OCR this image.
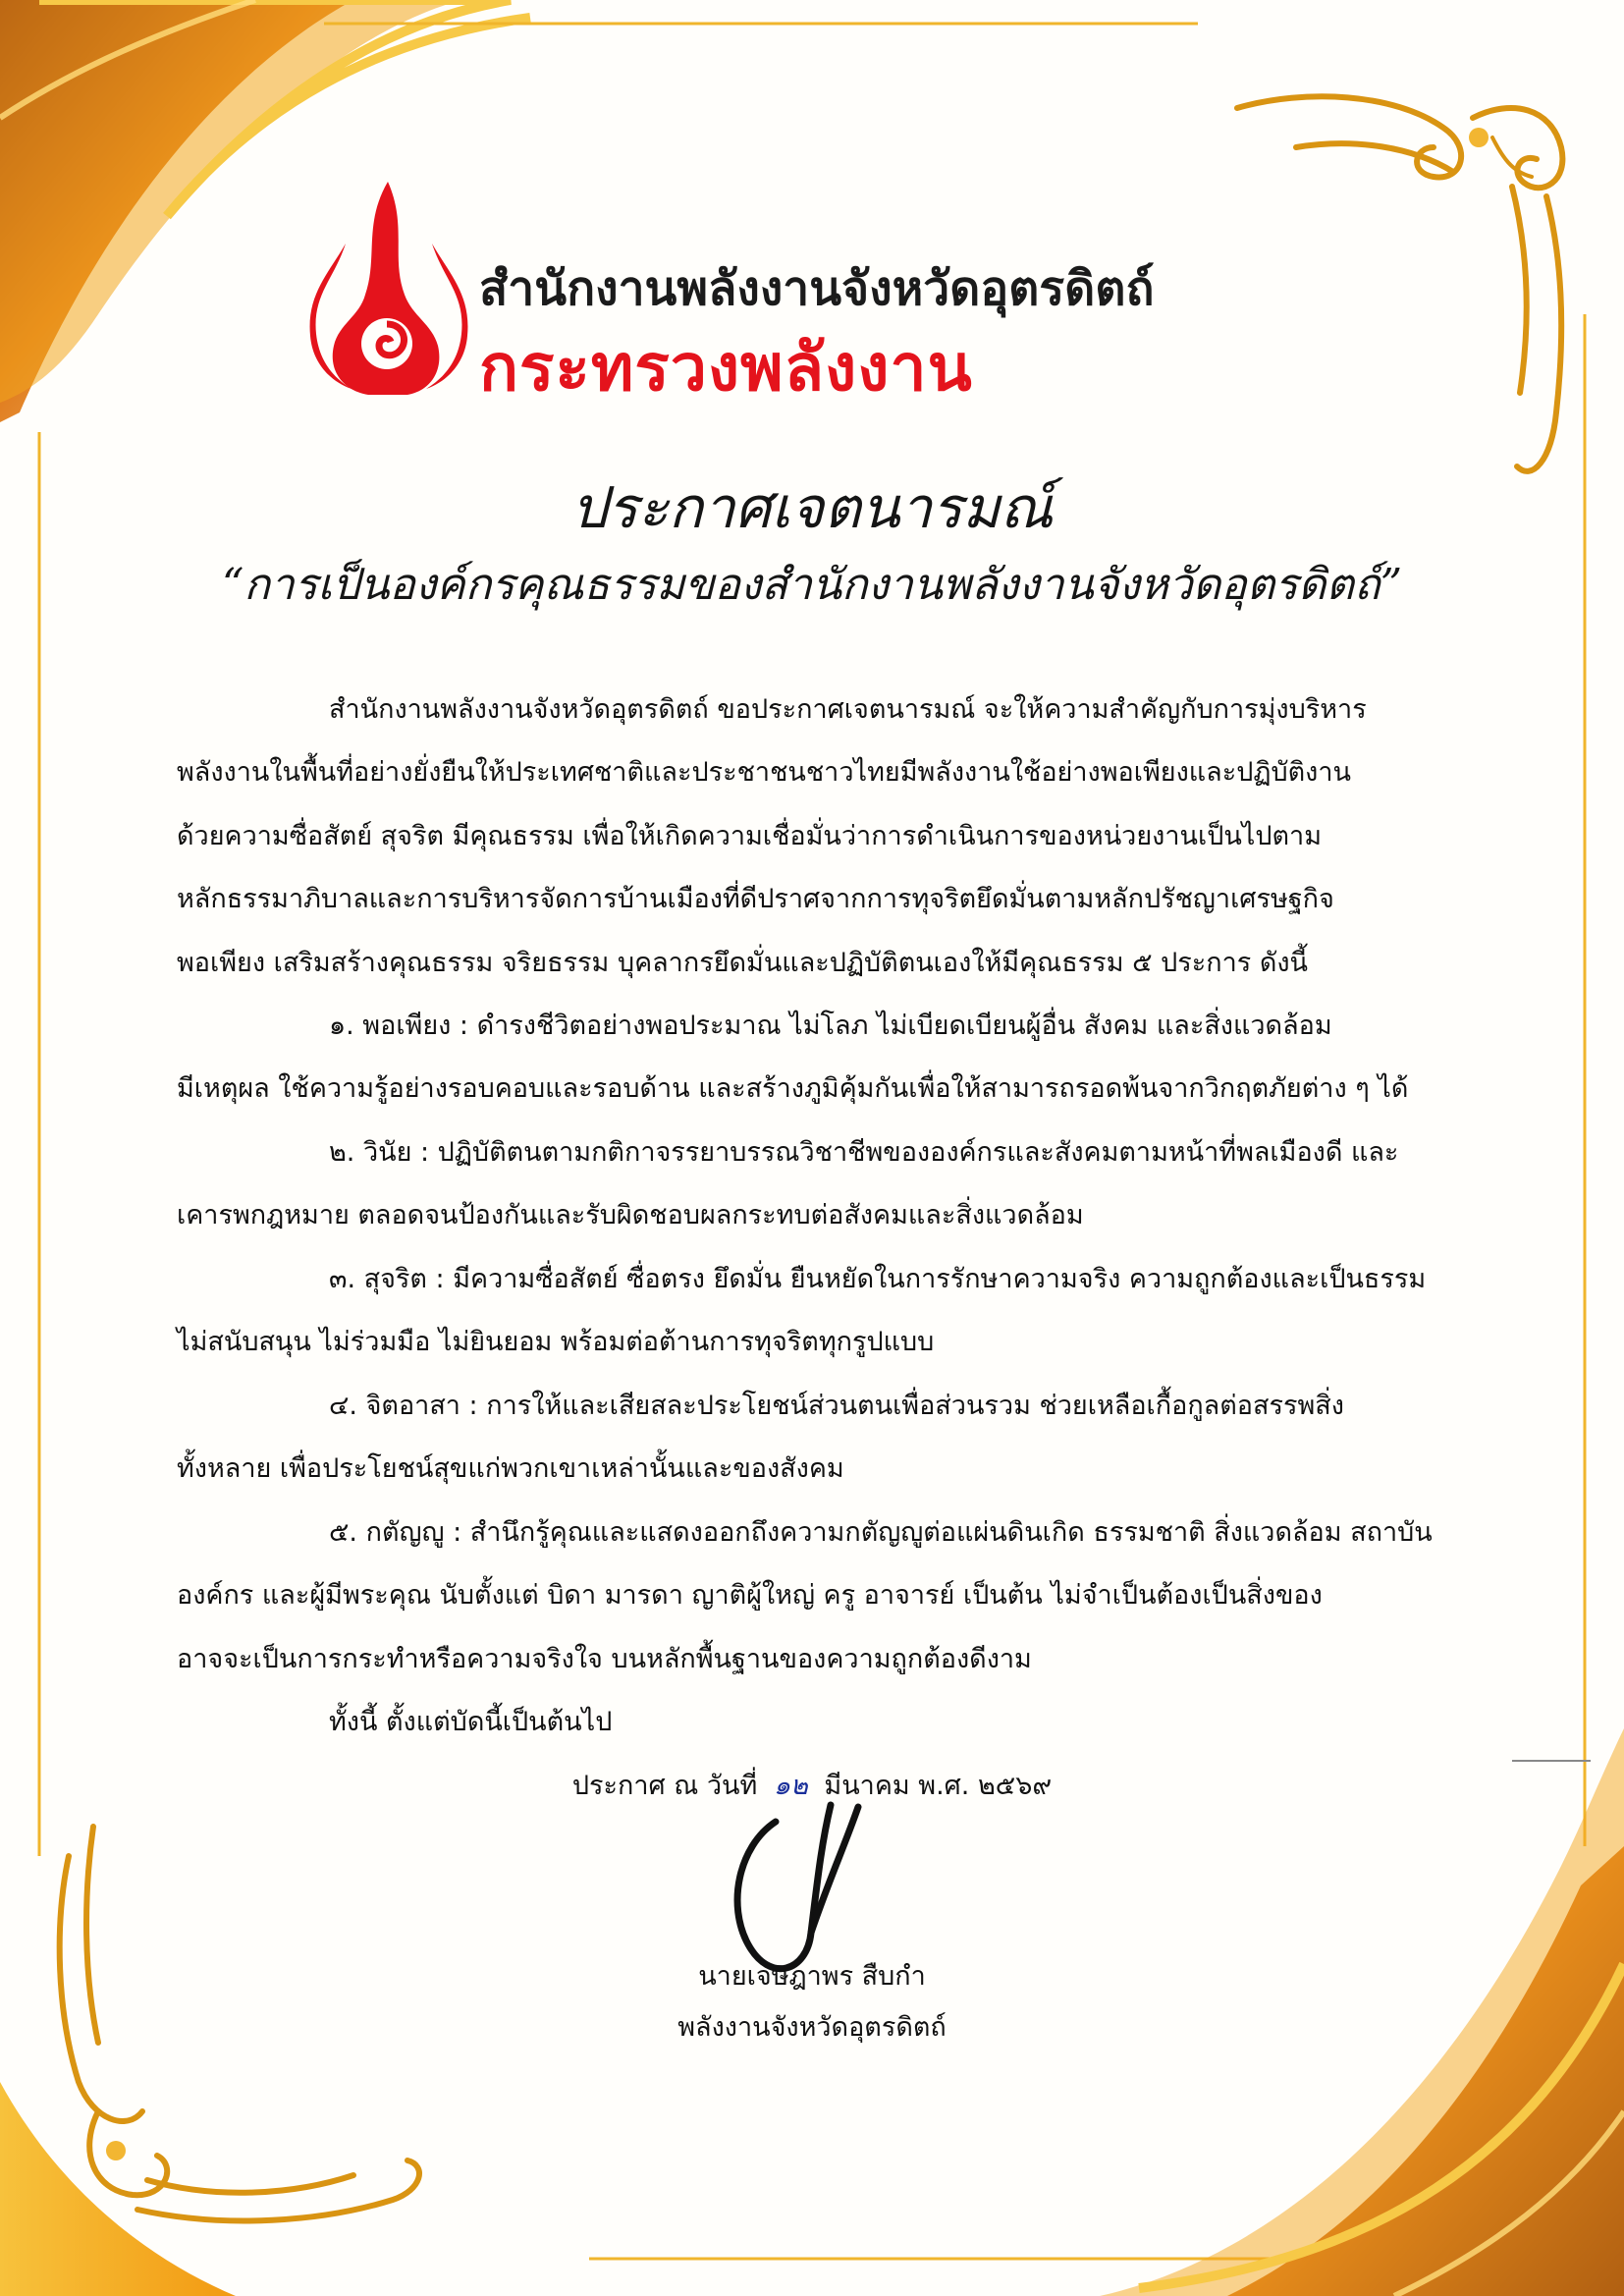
สำนักงานพลังงานจังหวัดอุตรดิตถ์
กระทรวงพลังงาน
ประกาศเจตนารมณ์
“การเป็นองค์กรคุณธรรมของสำนักงานพลังงานจังหวัดอุตรดิตถ์”
สำนักงานพลังงานจังหวัดอุตรดิตถ์ ขอประกาศเจตนารมณ์ จะให้ความสำคัญกับการมุ่งบริหาร
พลังงานในพื้นที่อย่างยั่งยืนให้ประเทศชาติและประชาชนชาวไทยมีพลังงานใช้อย่างพอเพียงและปฏิบัติงาน
ด้วยความซื่อสัตย์ สุจริต มีคุณธรรม เพื่อให้เกิดความเชื่อมั่นว่าการดำเนินการของหน่วยงานเป็นไปตาม
หลักธรรมาภิบาลและการบริหารจัดการบ้านเมืองที่ดีปราศจากการทุจริตยึดมั่นตามหลักปรัชญาเศรษฐกิจ
พอเพียง เสริมสร้างคุณธรรม จริยธรรม บุคลากรยึดมั่นและปฏิบัติตนเองให้มีคุณธรรม ๕ ประการ ดังนี้
๑. พอเพียง : ดำรงชีวิตอย่างพอประมาณ ไม่โลภ ไม่เบียดเบียนผู้อื่น สังคม และสิ่งแวดล้อม
มีเหตุผล ใช้ความรู้อย่างรอบคอบและรอบด้าน และสร้างภูมิคุ้มกันเพื่อให้สามารถรอดพ้นจากวิกฤตภัยต่าง ๆ ได้
๒. วินัย : ปฏิบัติตนตามกติกาจรรยาบรรณวิชาชีพขององค์กรและสังคมตามหน้าที่พลเมืองดี และ
เคารพกฎหมาย ตลอดจนป้องกันและรับผิดชอบผลกระทบต่อสังคมและสิ่งแวดล้อม
๓. สุจริต : มีความซื่อสัตย์ ซื่อตรง ยึดมั่น ยืนหยัดในการรักษาความจริง ความถูกต้องและเป็นธรรม
ไม่สนับสนุน ไม่ร่วมมือ ไม่ยินยอม พร้อมต่อต้านการทุจริตทุกรูปแบบ
๔. จิตอาสา : การให้และเสียสละประโยชน์ส่วนตนเพื่อส่วนรวม ช่วยเหลือเกื้อกูลต่อสรรพสิ่ง
ทั้งหลาย เพื่อประโยชน์สุขแก่พวกเขาเหล่านั้นและของสังคม
๕. กตัญญู : สำนึกรู้คุณและแสดงออกถึงความกตัญญูต่อแผ่นดินเกิด ธรรมชาติ สิ่งแวดล้อม สถาบัน
องค์กร และผู้มีพระคุณ นับตั้งแต่ บิดา มารดา ญาติผู้ใหญ่ ครู อาจารย์ เป็นต้น ไม่จำเป็นต้องเป็นสิ่งของ
อาจจะเป็นการกระทำหรือความจริงใจ บนหลักพื้นฐานของความถูกต้องดีงาม
ทั้งนี้ ตั้งแต่บัดนี้เป็นต้นไป
ประกาศ ณ วันที่ ๑๒ มีนาคม พ.ศ. ๒๕๖๙
นายเจษฎาพร สืบกำ
พลังงานจังหวัดอุตรดิตถ์
